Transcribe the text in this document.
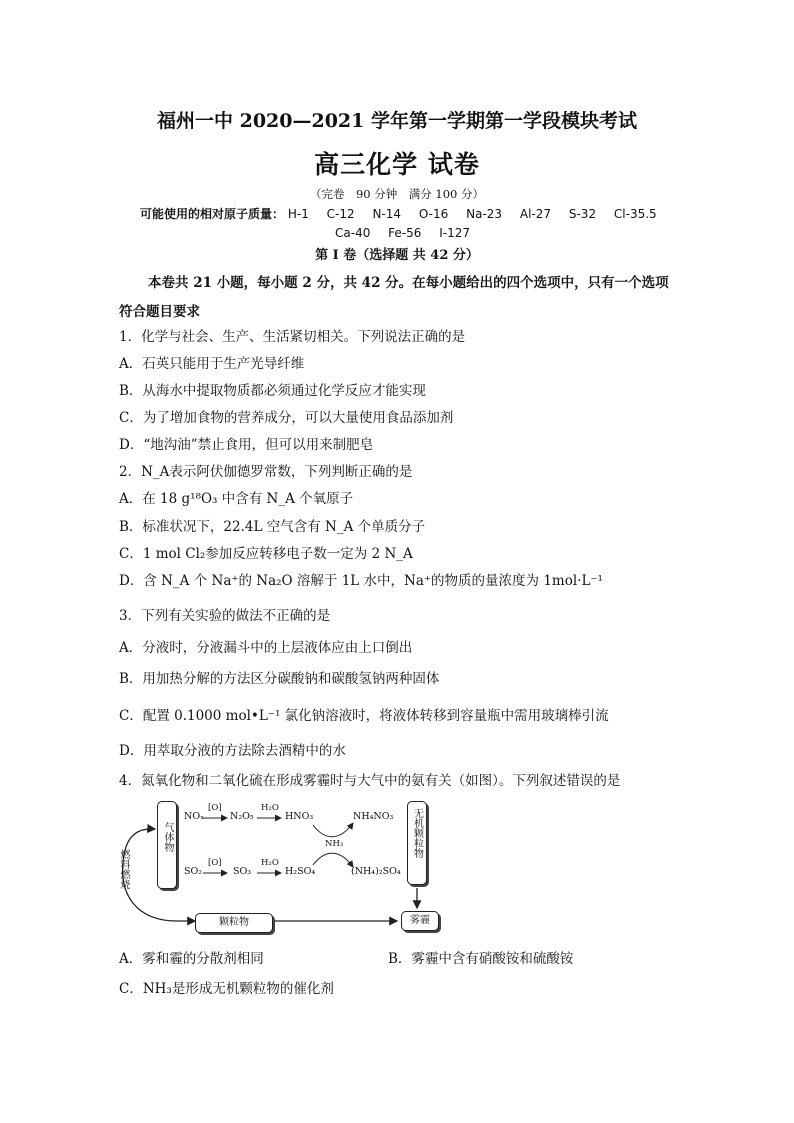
福州一中 2020—2021 学年第一学期第一学段模块考试
高三化学 试卷
（完卷　90 分钟　满分 100 分）
可能使用的相对原子质量： H-1 C-12 N-14 O-16 Na-23 Al-27 S-32 Cl-35.5
Ca-40 Fe-56 I-127
第 I 卷（选择题 共 42 分）
本卷共 21 小题，每小题 2 分，共 42 分。在每小题给出的四个选项中，只有一个选项
符合题目要求
1．化学与社会、生产、生活紧切相关。下列说法正确的是
A．石英只能用于生产光导纤维
B．从海水中提取物质都必须通过化学反应才能实现
C．为了增加食物的营养成分，可以大量使用食品添加剂
D．“地沟油”禁止食用，但可以用来制肥皂
2．N_A表示阿伏伽德罗常数，下列判断正确的是
A．在 18 g¹⁸O₃ 中含有 N_A 个氧原子
B．标准状况下，22.4L 空气含有 N_A 个单质分子
C．1 mol Cl₂参加反应转移电子数一定为 2 N_A
D．含 N_A 个 Na⁺的 Na₂O 溶解于 1L 水中，Na⁺的物质的量浓度为 1mol·L⁻¹
3．下列有关实验的做法不正确的是
A．分液时，分液漏斗中的上层液体应由上口倒出
B．用加热分解的方法区分碳酸钠和碳酸氢钠两种固体
C．配置 0.1000 mol•L⁻¹ 氯化钠溶液时，将液体转移到容量瓶中需用玻璃棒引流
D．用萃取分液的方法除去酒精中的水
4．氮氧化物和二氧化硫在形成雾霾时与大气中的氨有关（如图）。下列叙述错误的是
气体物	无机颗粒物
颗粒物	雾霾
燃料燃烧
NOₓ
[O]
N₂O₅
H₂O
HNO₃	NH₄NO₃
NH₃
SO₂
[O]
SO₃
H₂O
H₂SO₄	(NH₄)₂SO₄
A．雾和霾的分散剂相同	B．雾霾中含有硝酸铵和硫酸铵
C．NH₃是形成无机颗粒物的催化剂
